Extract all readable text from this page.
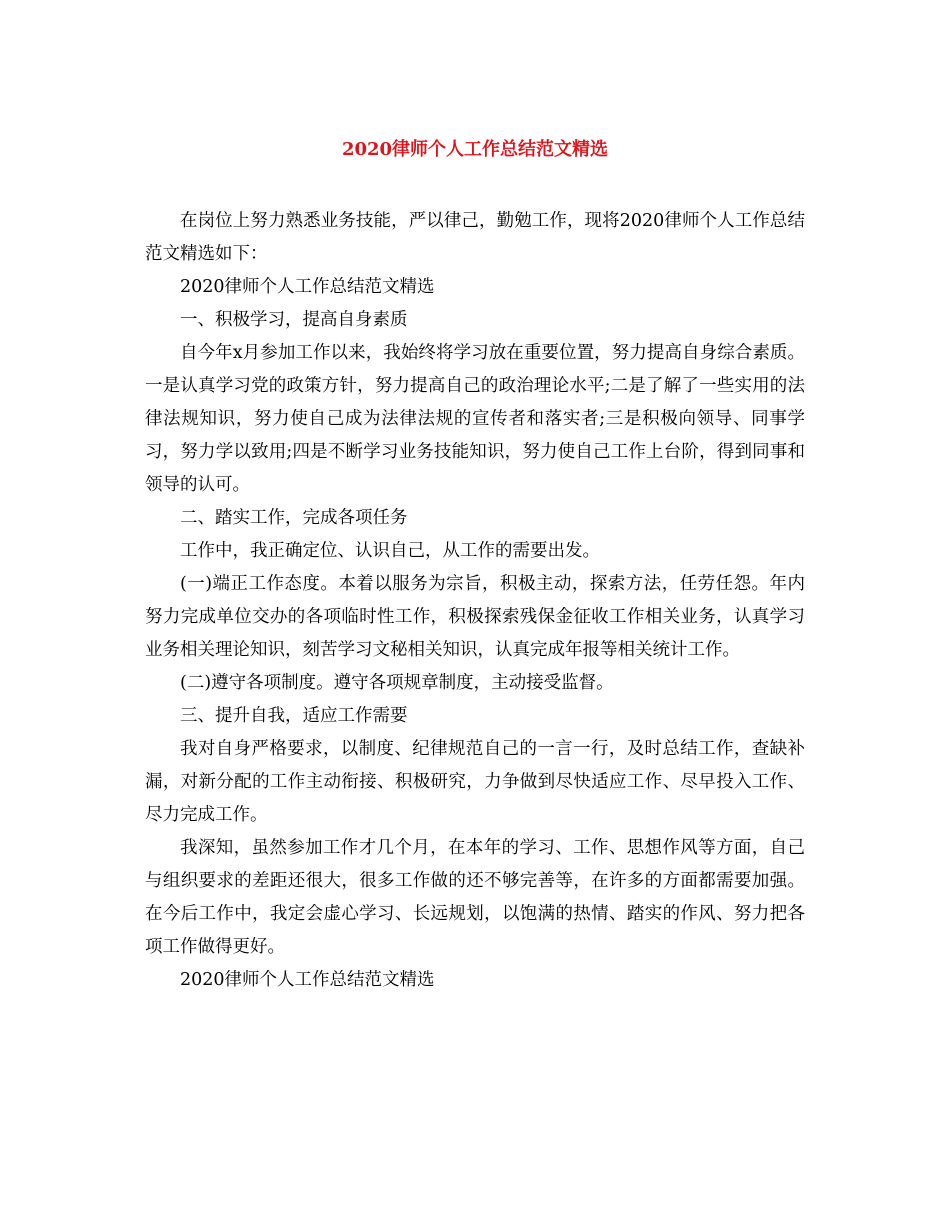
2020律师个人工作总结范文精选

在岗位上努力熟悉业务技能，严以律己，勤勉工作，现将2020律师个人工作总结范文精选如下：

2020律师个人工作总结范文精选

一、积极学习，提高自身素质

自今年x月参加工作以来，我始终将学习放在重要位置，努力提高自身综合素质。一是认真学习党的政策方针，努力提高自己的政治理论水平;二是了解了一些实用的法律法规知识，努力使自己成为法律法规的宣传者和落实者;三是积极向领导、同事学习，努力学以致用;四是不断学习业务技能知识，努力使自己工作上台阶，得到同事和领导的认可。

二、踏实工作，完成各项任务

工作中，我正确定位、认识自己，从工作的需要出发。

(一)端正工作态度。本着以服务为宗旨，积极主动，探索方法，任劳任怨。年内努力完成单位交办的各项临时性工作，积极探索残保金征收工作相关业务，认真学习业务相关理论知识，刻苦学习文秘相关知识，认真完成年报等相关统计工作。

(二)遵守各项制度。遵守各项规章制度，主动接受监督。

三、提升自我，适应工作需要

我对自身严格要求，以制度、纪律规范自己的一言一行，及时总结工作，查缺补漏，对新分配的工作主动衔接、积极研究，力争做到尽快适应工作、尽早投入工作、尽力完成工作。

我深知，虽然参加工作才几个月，在本年的学习、工作、思想作风等方面，自己与组织要求的差距还很大，很多工作做的还不够完善等，在许多的方面都需要加强。在今后工作中，我定会虚心学习、长远规划，以饱满的热情、踏实的作风、努力把各项工作做得更好。

2020律师个人工作总结范文精选
